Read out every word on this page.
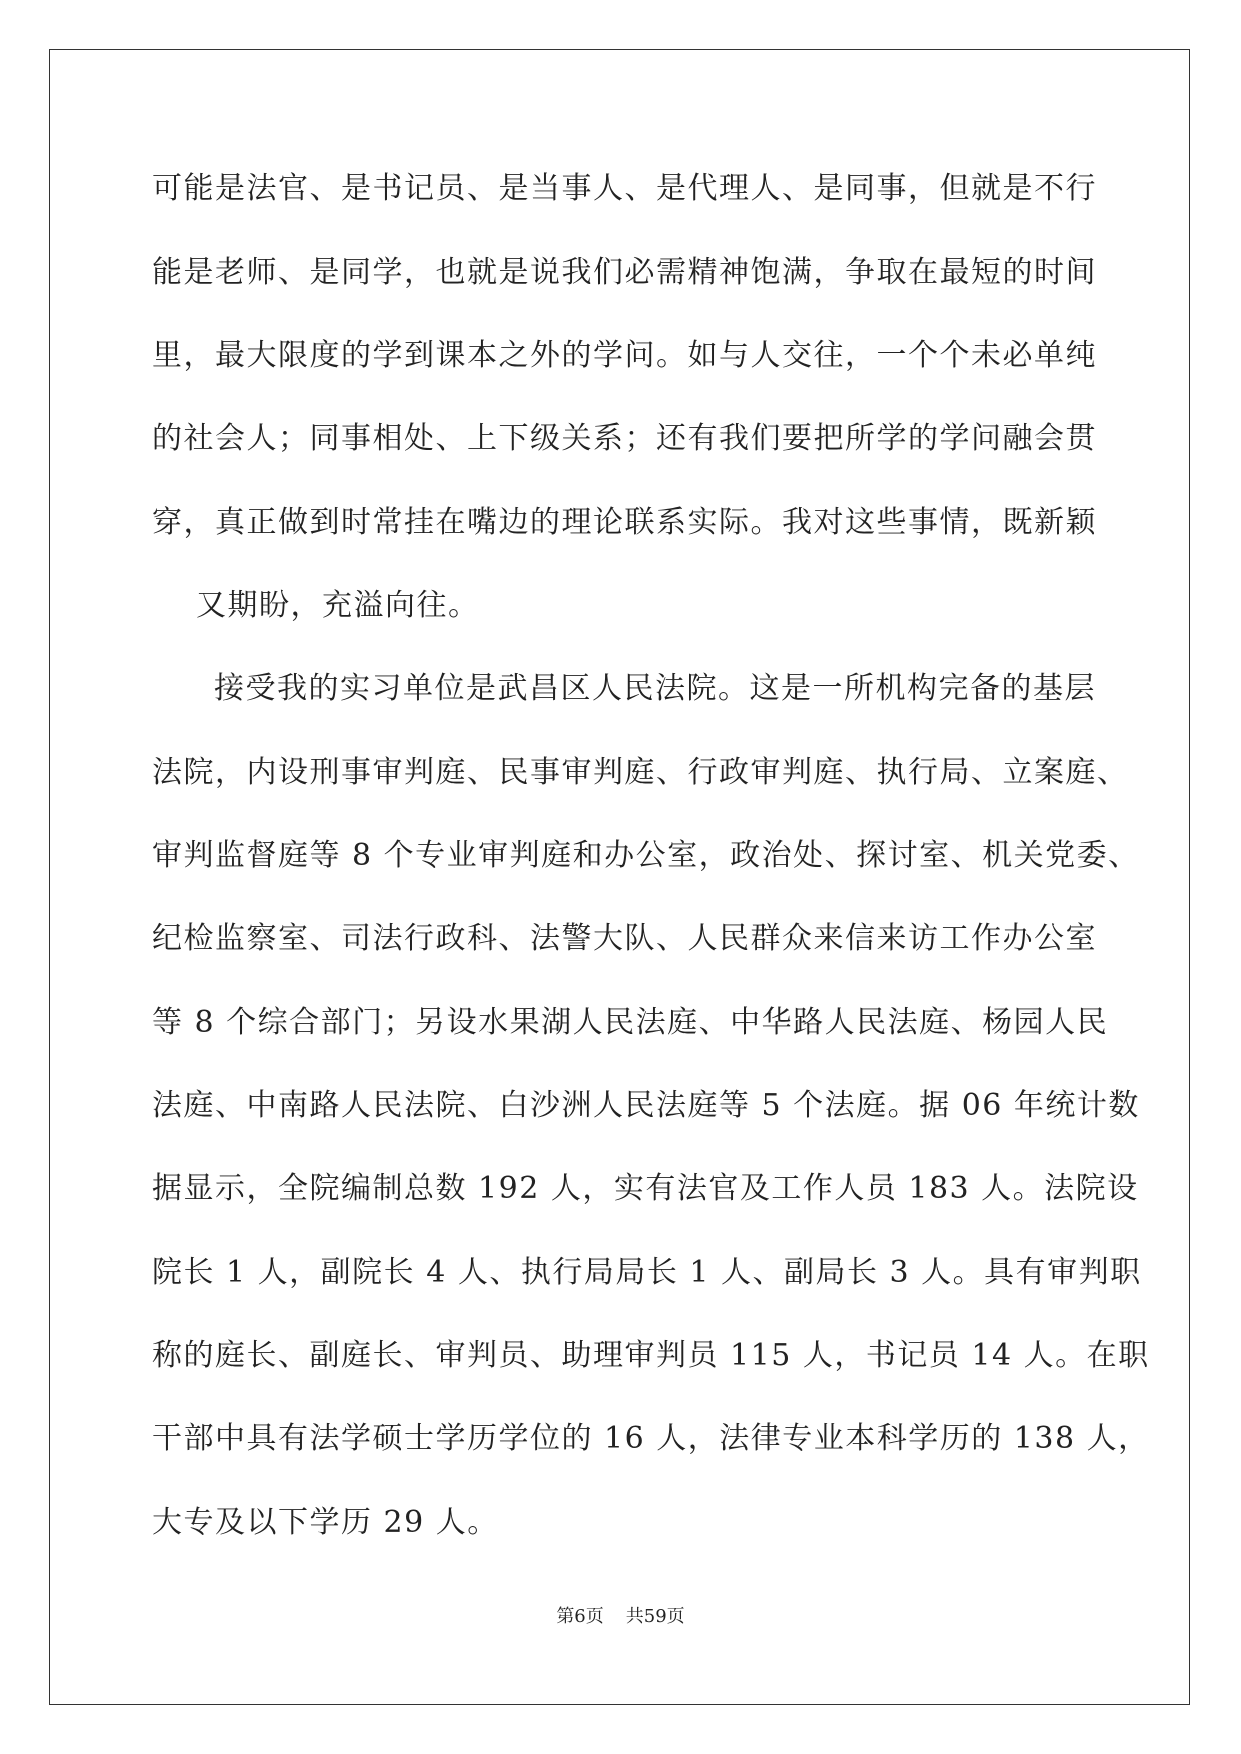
可能是法官、是书记员、是当事人、是代理人、是同事，但就是不行
能是老师、是同学，也就是说我们必需精神饱满，争取在最短的时间
里，最大限度的学到课本之外的学问。如与人交往，一个个未必单纯
的社会人；同事相处、上下级关系；还有我们要把所学的学问融会贯
穿，真正做到时常挂在嘴边的理论联系实际。我对这些事情，既新颖
又期盼，充溢向往。
接受我的实习单位是武昌区人民法院。这是一所机构完备的基层
法院，内设刑事审判庭、民事审判庭、行政审判庭、执行局、立案庭、
审判监督庭等 8 个专业审判庭和办公室，政治处、探讨室、机关党委、
纪检监察室、司法行政科、法警大队、人民群众来信来访工作办公室
等 8 个综合部门；另设水果湖人民法庭、中华路人民法庭、杨园人民
法庭、中南路人民法院、白沙洲人民法庭等 5 个法庭。据 06 年统计数
据显示，全院编制总数 192 人，实有法官及工作人员 183 人。法院设
院长 1 人，副院长 4 人、执行局局长 1 人、副局长 3 人。具有审判职
称的庭长、副庭长、审判员、助理审判员 115 人，书记员 14 人。在职
干部中具有法学硕士学历学位的 16 人，法律专业本科学历的 138 人，
大专及以下学历 29 人。
第6页 共59页
